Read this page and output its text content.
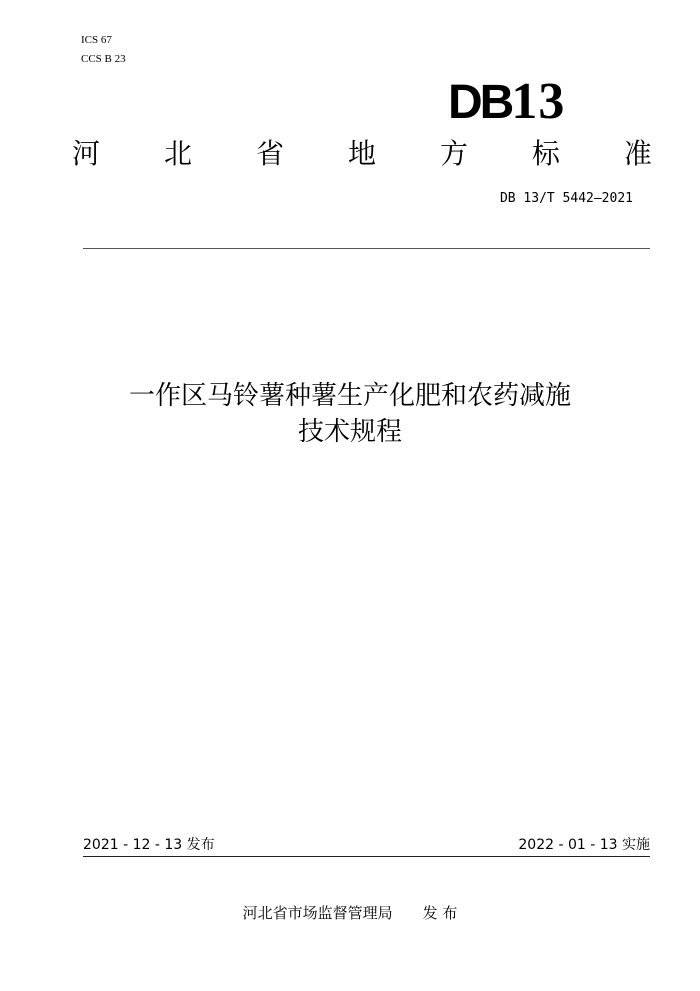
ICS 67
CCS B 23
DB13
河 北 省 地 方 标 准
DB 13/T 5442—2021
一作区马铃薯种薯生产化肥和农药减施
技术规程
2021 - 12 - 13 发布	2022 - 01 - 13 实施
河北省市场监督管理局 发 布
